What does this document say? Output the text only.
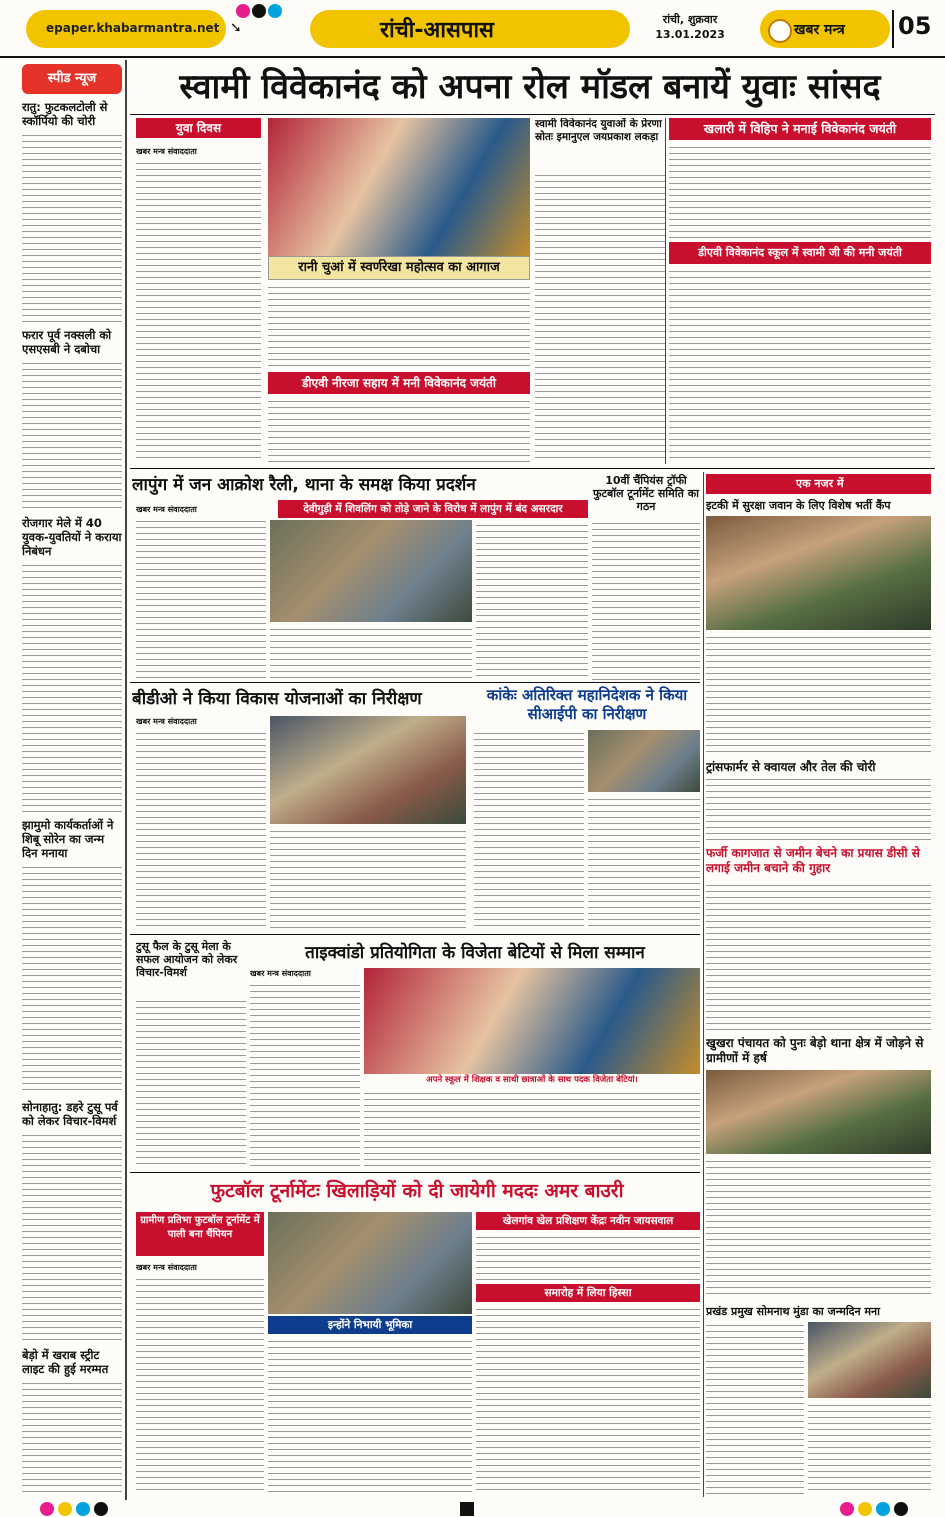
epaper.khabarmantra.net ➘	रांची-आसपास	रांची, शुक्रवार
13.01.2023	खबर मन्त्र 05
स्पीड न्यूज
रातु: फुटकलटोली से स्कॉर्पियो की चोरी
फरार पूर्व नक्सली को एसएसबी ने दबोचा
रोजगार मेले में 40 युवक-युवतियों ने कराया निबंधन
झामुमो कार्यकर्ताओं ने शिबू सोरेन का जन्म दिन मनाया
सोनाहातु: डहरे टुसू पर्व को लेकर विचार-विमर्श
बेड़ो में खराब स्ट्रीट लाइट की हुई मरम्मत
स्वामी विवेकानंद को अपना रोल मॉडल बनायें युवाः सांसद
युवा दिवस
खबर मन्त्र संवाददाता
रानी चुआं में स्वर्णरेखा महोत्सव का आगाज
डीएवी नीरजा सहाय में मनी विवेकानंद जयंती
स्वामी विवेकानंद युवाओं के प्रेरणा स्रोतः इमानुएल जयप्रकाश लकड़ा
खलारी में विहिप ने मनाई विवेकानंद जयंती
डीएवी विवेकानंद स्कूल में स्वामी जी की मनी जयंती
लापुंग में जन आक्रोश रैली, थाना के समक्ष किया प्रदर्शन
देवीगुड़ी में शिवलिंग को तोड़े जाने के विरोध में लापुंग में बंद असरदार
खबर मन्त्र संवाददाता
10वीं चैंपियंस ट्रॉफी फुटबॉल टूर्नामेंट समिति का गठन
एक नजर में
इटकी में सुरक्षा जवान के लिए विशेष भर्ती कैंप
बीडीओ ने किया विकास योजनाओं का निरीक्षण
खबर मन्त्र संवाददाता
कांकेः अतिरिक्त महानिदेशक ने किया सीआईपी का निरीक्षण
ट्रांसफार्मर से क्वायल और तेल की चोरी
फर्जी कागजात से जमीन बेचने का प्रयास डीसी से लगाई जमीन बचाने की गुहार
टुसू फैल के टुसू मेला के सफल आयोजन को लेकर विचार-विमर्श
ताइक्वांडो प्रतियोगिता के विजेता बेटियों से मिला सम्मान
खबर मन्त्र संवाददाता
अपने स्कूल में शिक्षक व साथी छात्राओं के साथ पदक विजेता बेटियां।
खुखरा पंचायत को पुनः बेड़ो थाना क्षेत्र में जोड़ने से ग्रामीणों में हर्ष
फुटबॉल टूर्नामेंटः खिलाड़ियों को दी जायेगी मददः अमर बाउरी
ग्रामीण प्रतिभा फुटबॉल टूर्नामेंट में पाली बना चैंपियन
खबर मन्त्र संवाददाता
इन्होंने निभायी भूमिका
खेलगांव खेल प्रशिक्षण केंद्रः नवीन जायसवाल
समारोह में लिया हिस्सा
प्रखंड प्रमुख सोमनाथ मुंडा का जन्मदिन मना
